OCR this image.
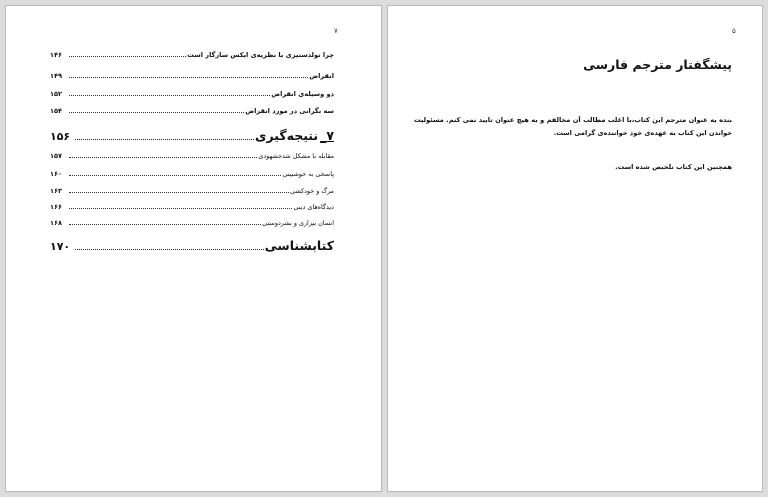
۷
چرا تولدستیزی با نظریه‌ی ایکس سازگار است
۱۴۶
انقراض
۱۴۹
دو وسیله‌ی انقراض
۱۵۲
سه نگرانی در مورد انقراض
۱۵۴
۷_
نتیجه‌گیری
۱۵۶
مقابله با مشکل شدجشهودی
۱۵۷
پاسخی به خوشبینی
۱۶۰
مرگ و خودکشی
۱۶۳
دیدگاه‌های دینی
۱۶۶
انسان بیزاری و بشردوستی
۱۶۸
کتابشناسی
۱۷۰
۵
پیشگفتار مترجم فارسی

بنده به عنوان مترجم این کتاب،با اغلب مطالب آن مخالفم و به هیچ عنوان تایید نمی کنم. مسئولیت خواندن این کتاب به عهده‌ی خود خواننده‌ی گرامی است.

همچنین این کتاب تلخیص شده است.
